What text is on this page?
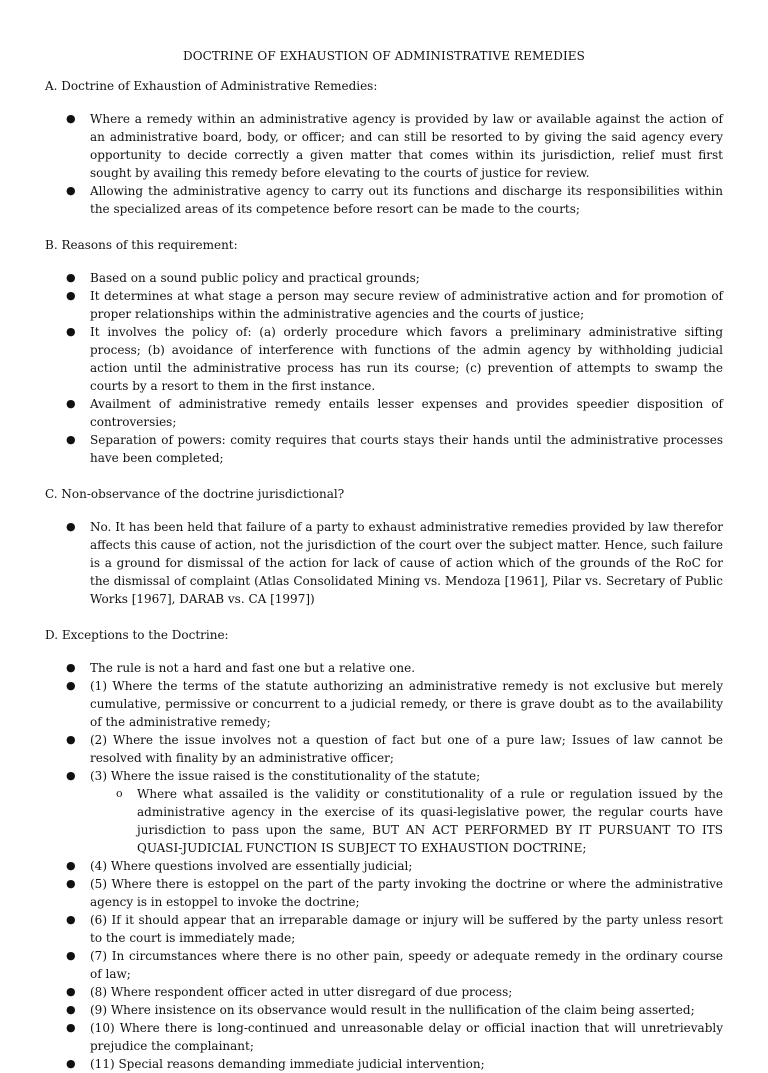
DOCTRINE OF EXHAUSTION OF ADMINISTRATIVE REMEDIES

A. Doctrine of Exhaustion of Administrative Remedies:

● Where a remedy within an administrative agency is provided by law or available against the action of an administrative board, body, or officer; and can still be resorted to by giving the said agency every opportunity to decide correctly a given matter that comes within its jurisdiction, relief must first sought by availing this remedy before elevating to the courts of justice for review.
● Allowing the administrative agency to carry out its functions and discharge its responsibilities within the specialized areas of its competence before resort can be made to the courts;

B. Reasons of this requirement:

● Based on a sound public policy and practical grounds;
● It determines at what stage a person may secure review of administrative action and for promotion of proper relationships within the administrative agencies and the courts of justice;
● It involves the policy of: (a) orderly procedure which favors a preliminary administrative sifting process; (b) avoidance of interference with functions of the admin agency by withholding judicial action until the administrative process has run its course; (c) prevention of attempts to swamp the courts by a resort to them in the first instance.
● Availment of administrative remedy entails lesser expenses and provides speedier disposition of controversies;
● Separation of powers: comity requires that courts stays their hands until the administrative processes have been completed;

C. Non-observance of the doctrine jurisdictional?

● No. It has been held that failure of a party to exhaust administrative remedies provided by law therefor affects this cause of action, not the jurisdiction of the court over the subject matter. Hence, such failure is a ground for dismissal of the action for lack of cause of action which of the grounds of the RoC for the dismissal of complaint (Atlas Consolidated Mining vs. Mendoza [1961], Pilar vs. Secretary of Public Works [1967], DARAB vs. CA [1997])

D. Exceptions to the Doctrine:

● The rule is not a hard and fast one but a relative one.
● (1) Where the terms of the statute authorizing an administrative remedy is not exclusive but merely cumulative, permissive or concurrent to a judicial remedy, or there is grave doubt as to the availability of the administrative remedy;
● (2) Where the issue involves not a question of fact but one of a pure law; Issues of law cannot be resolved with finality by an administrative officer;
● (3) Where the issue raised is the constitutionality of the statute;
o Where what assailed is the validity or constitutionality of a rule or regulation issued by the administrative agency in the exercise of its quasi-legislative power, the regular courts have jurisdiction to pass upon the same, BUT AN ACT PERFORMED BY IT PURSUANT TO ITS QUASI-JUDICIAL FUNCTION IS SUBJECT TO EXHAUSTION DOCTRINE;
● (4) Where questions involved are essentially judicial;
● (5) Where there is estoppel on the part of the party invoking the doctrine or where the administrative agency is in estoppel to invoke the doctrine;
● (6) If it should appear that an irreparable damage or injury will be suffered by the party unless resort to the court is immediately made;
● (7) In circumstances where there is no other pain, speedy or adequate remedy in the ordinary course of law;
● (8) Where respondent officer acted in utter disregard of due process;
● (9) Where insistence on its observance would result in the nullification of the claim being asserted;
● (10) Where there is long-continued and unreasonable delay or official inaction that will unretrievably prejudice the complainant;
● (11) Special reasons demanding immediate judicial intervention;
